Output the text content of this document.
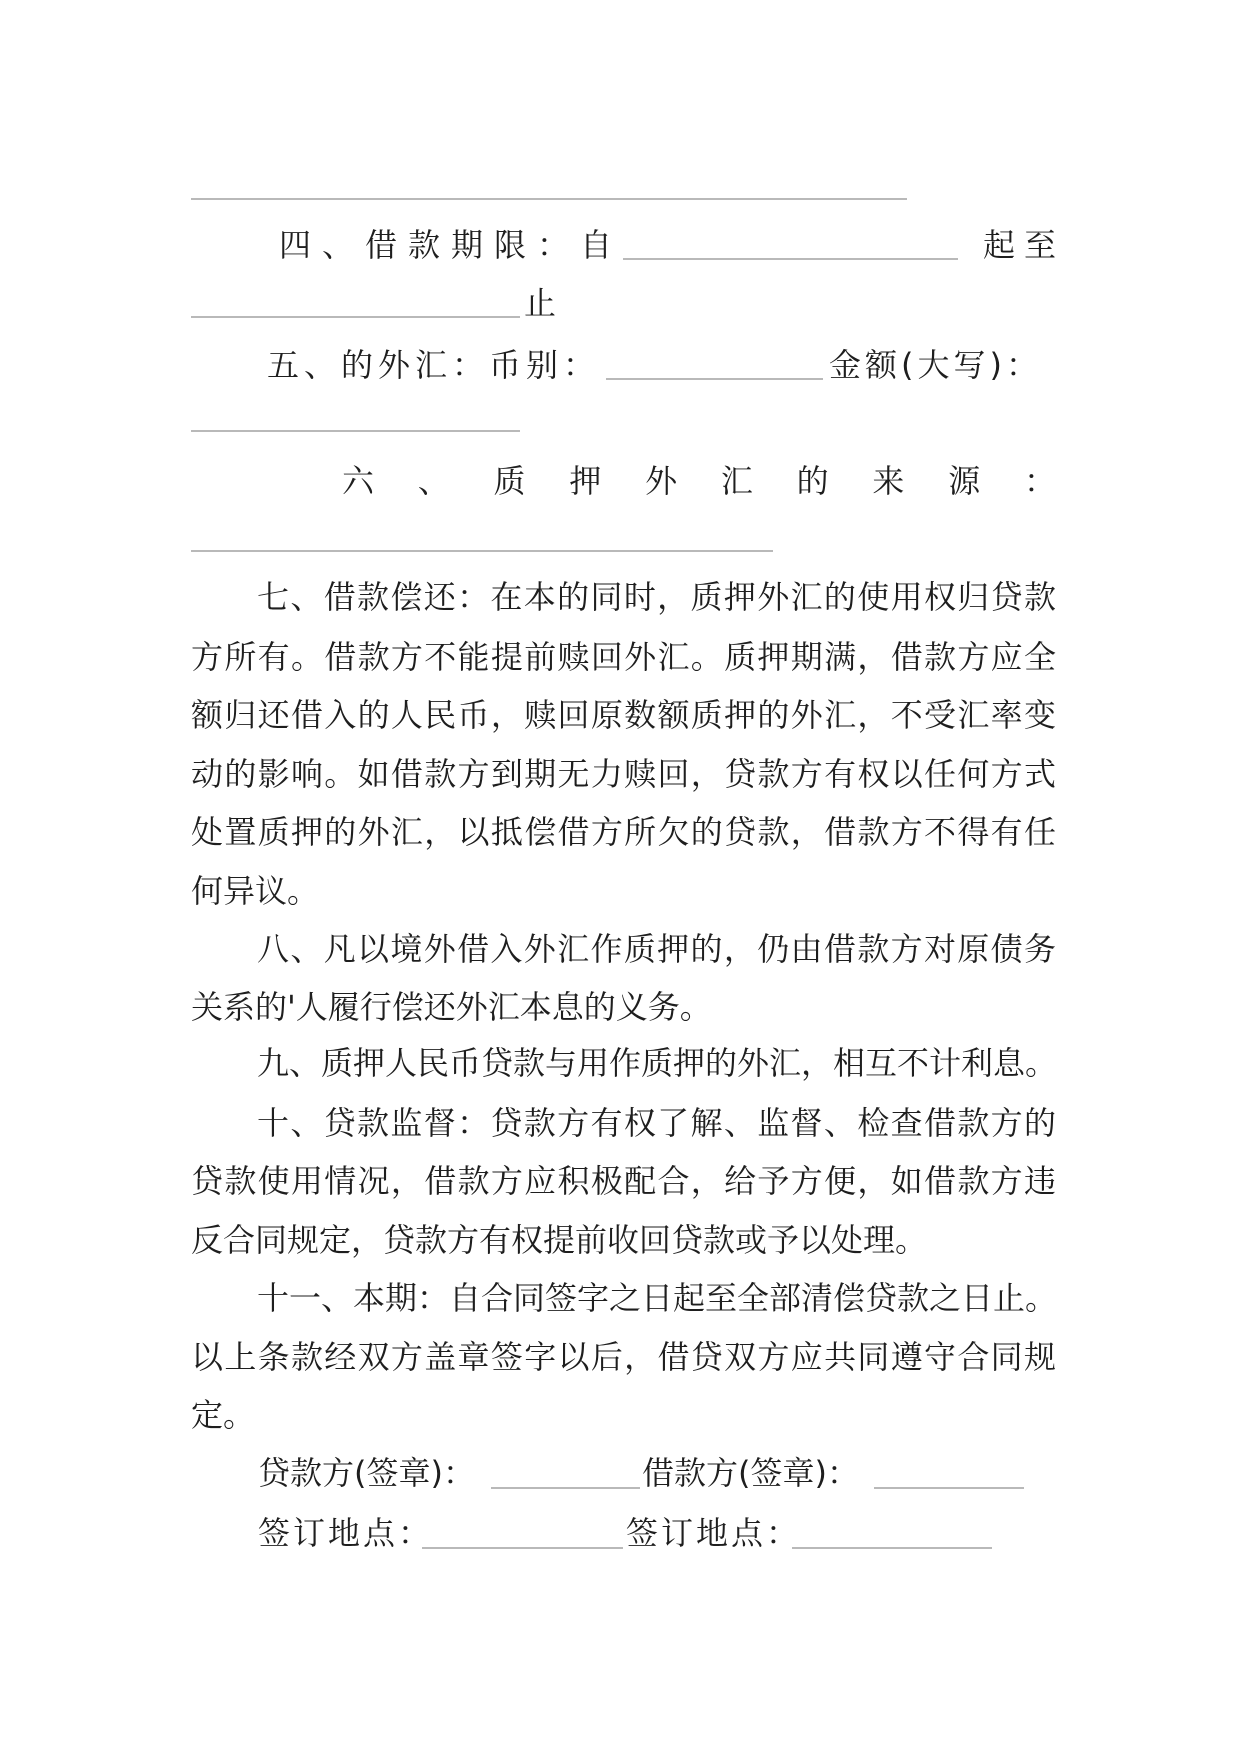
四、借款期限：自	起至
止
五、的外汇：币别：	金额(大写)：
六、质押外汇的来源：
七、借款偿还：在本的同时，质押外汇的使用权归贷款
方所有。借款方不能提前赎回外汇。质押期满，借款方应全
额归还借入的人民币，赎回原数额质押的外汇，不受汇率变
动的影响。如借款方到期无力赎回，贷款方有权以任何方式
处置质押的外汇，以抵偿借方所欠的贷款，借款方不得有任
何异议。
八、凡以境外借入外汇作质押的，仍由借款方对原债务
关系的'人履行偿还外汇本息的义务。
九、质押人民币贷款与用作质押的外汇，相互不计利息。
十、贷款监督：贷款方有权了解、监督、检查借款方的
贷款使用情况，借款方应积极配合，给予方便，如借款方违
反合同规定，贷款方有权提前收回贷款或予以处理。
十一、本期：自合同签字之日起至全部清偿贷款之日止。
以上条款经双方盖章签字以后，借贷双方应共同遵守合同规
定。
贷款方(签章)：	借款方(签章)：
签订地点：	签订地点：
